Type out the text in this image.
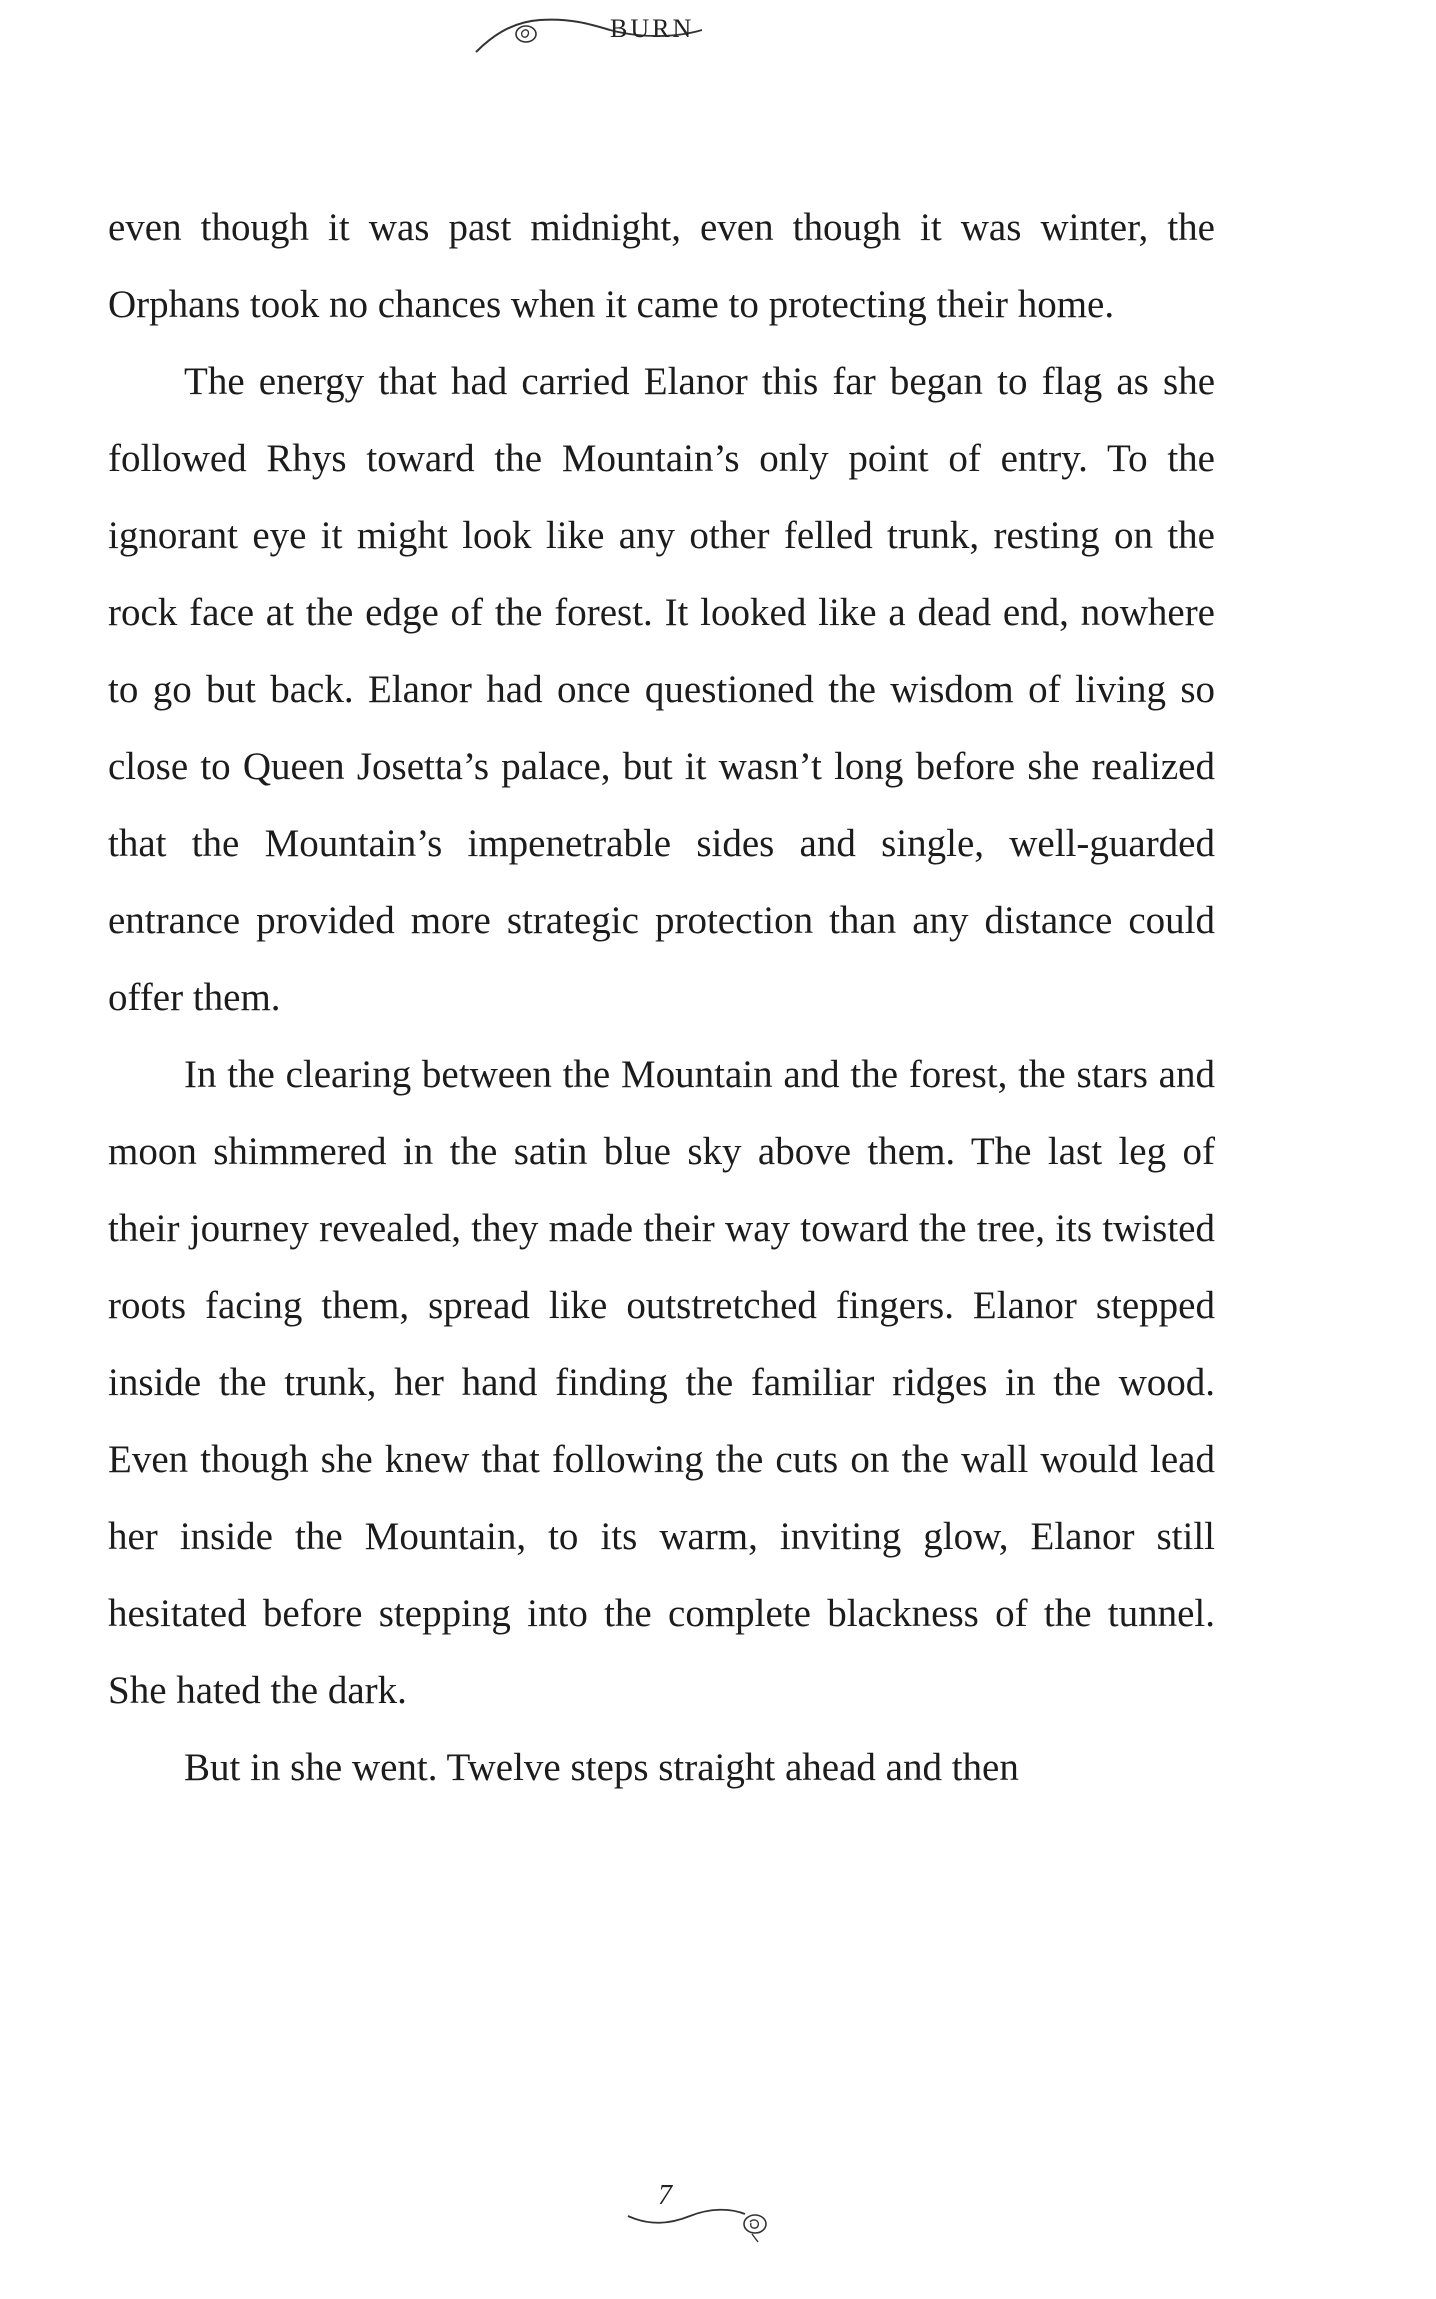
BURN

even though it was past midnight, even though it was winter, the Orphans took no chances when it came to protecting their home.

The energy that had carried Elanor this far began to flag as she followed Rhys toward the Mountain’s only point of entry. To the ignorant eye it might look like any other felled trunk, resting on the rock face at the edge of the forest. It looked like a dead end, nowhere to go but back. Elanor had once questioned the wisdom of living so close to Queen Josetta’s palace, but it wasn’t long before she realized that the Mountain’s impenetrable sides and single, well-guarded entrance provided more strategic protection than any distance could offer them.

In the clearing between the Mountain and the forest, the stars and moon shimmered in the satin blue sky above them. The last leg of their journey revealed, they made their way toward the tree, its twisted roots facing them, spread like outstretched fingers. Elanor stepped inside the trunk, her hand finding the familiar ridges in the wood. Even though she knew that following the cuts on the wall would lead her inside the Mountain, to its warm, inviting glow, Elanor still hesitated before stepping into the complete blackness of the tunnel. She hated the dark.

But in she went. Twelve steps straight ahead and then

7
